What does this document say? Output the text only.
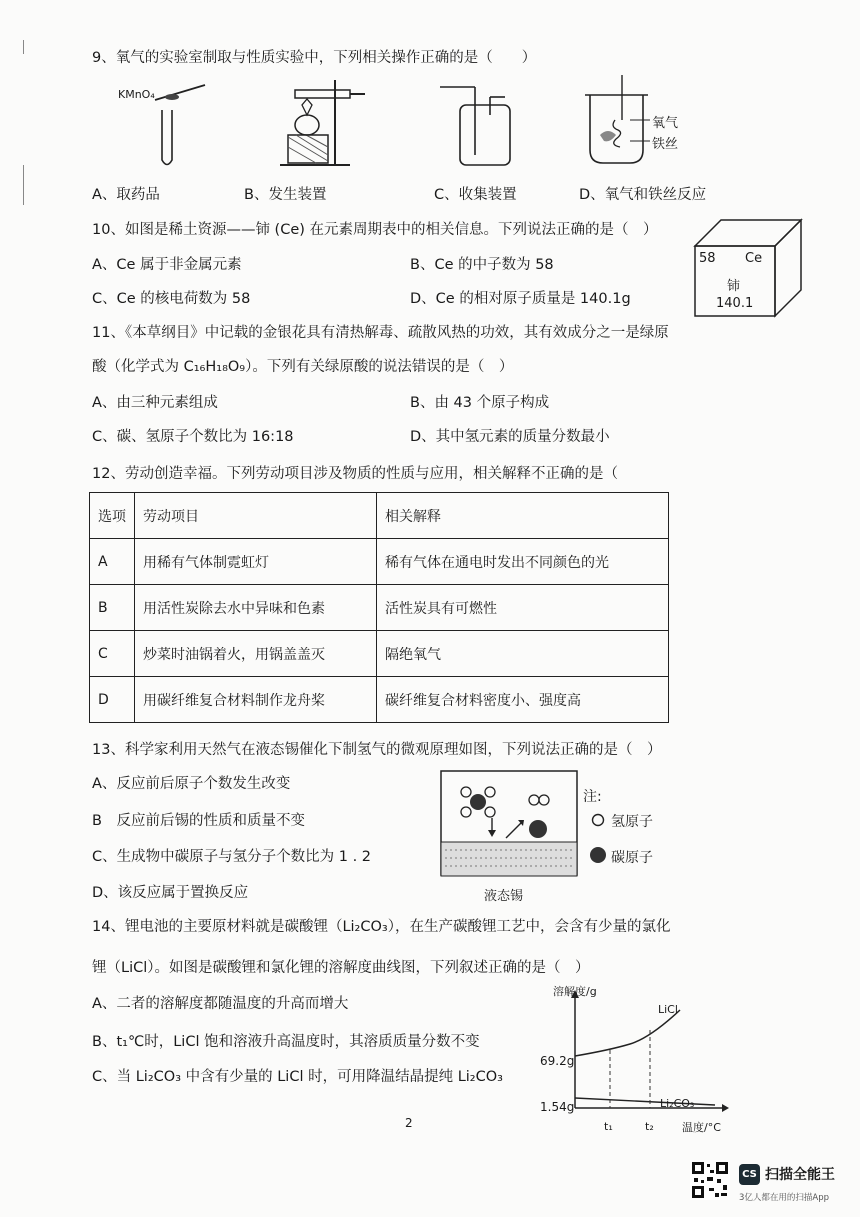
9、氧气的实验室制取与性质实验中，下列相关操作正确的是（　　）
KMnO₄
氧气
铁丝
A、取药品	B、发生装置	C、收集装置	D、氧气和铁丝反应
10、如图是稀土资源——铈 (Ce) 在元素周期表中的相关信息。下列说法正确的是（　）
A、Ce 属于非金属元素	B、Ce 的中子数为 58
C、Ce 的核电荷数为 58	D、Ce 的相对原子质量是 140.1g
58 Ce
铈
140.1
11、《本草纲目》中记载的金银花具有清热解毒、疏散风热的功效，其有效成分之一是绿原
酸（化学式为 C₁₆H₁₈O₉）。下列有关绿原酸的说法错误的是（　）
A、由三种元素组成	B、由 43 个原子构成
C、碳、氢原子个数比为 16:18	D、其中氢元素的质量分数最小
12、劳动创造幸福。下列劳动项目涉及物质的性质与应用，相关解释不正确的是（
选项	劳动项目	相关解释
A	用稀有气体制霓虹灯	稀有气体在通电时发出不同颜色的光
B	用活性炭除去水中异味和色素	活性炭具有可燃性
C	炒菜时油锅着火，用锅盖盖灭	隔绝氧气
D	用碳纤维复合材料制作龙舟桨	碳纤维复合材料密度小、强度高
13、科学家利用天然气在液态锡催化下制氢气的微观原理如图，下列说法正确的是（　）
A、反应前后原子个数发生改变
B　反应前后锡的性质和质量不变
C、生成物中碳原子与氢分子个数比为 1 . 2
D、该反应属于置换反应	液态锡
注:
氢原子
碳原子
14、锂电池的主要原材料就是碳酸锂（Li₂CO₃），在生产碳酸锂工艺中，会含有少量的氯化
锂（LiCl）。如图是碳酸锂和氯化锂的溶解度曲线图，下列叙述正确的是（　）
A、二者的溶解度都随温度的升高而增大
B、t₁℃时，LiCl 饱和溶液升高温度时，其溶质质量分数不变
C、当 Li₂CO₃ 中含有少量的 LiCl 时，可用降温结晶提纯 Li₂CO₃
溶解度/g
温度/°C
69.2g
1.54g
t₁	t₂
LiCl
Li₂CO₃
2
CS 扫描全能王
3亿人都在用的扫描App
